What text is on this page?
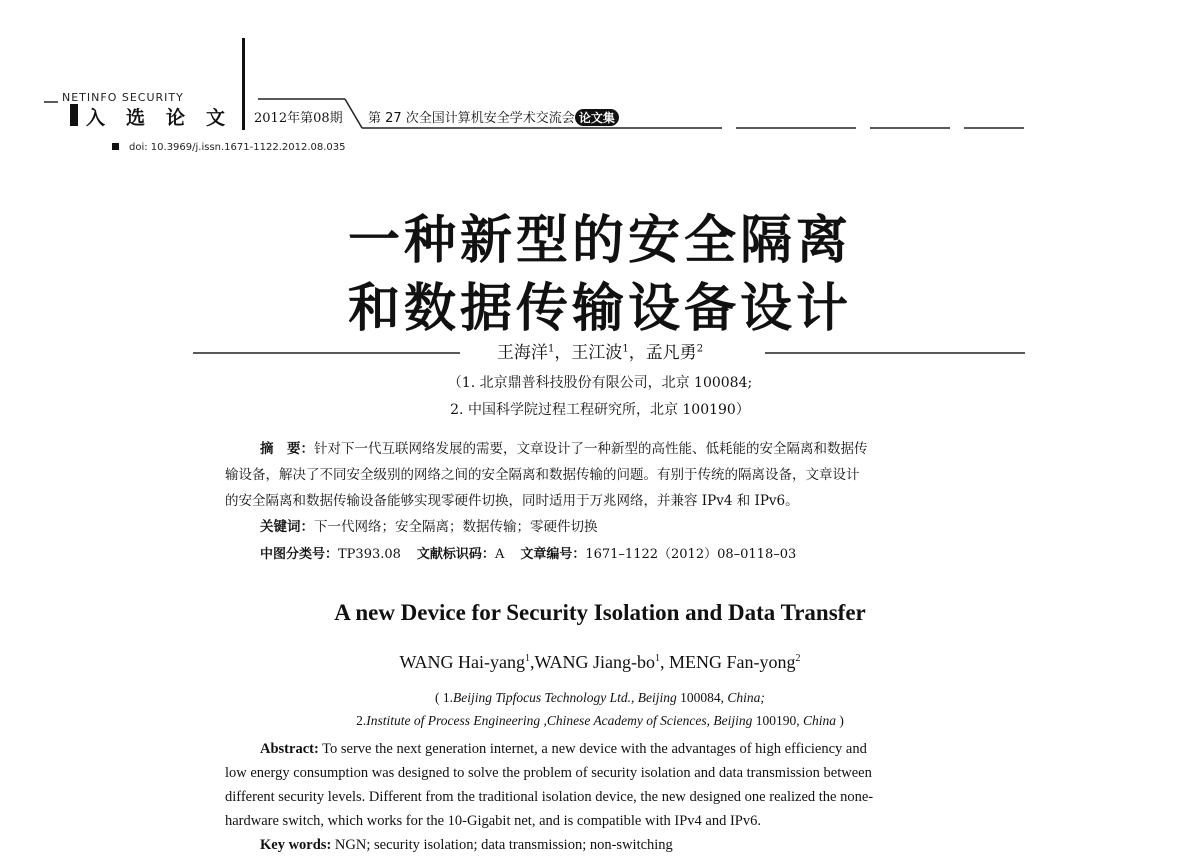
NETINFO SECURITY
入选论文 2012年第08期 第 27 次全国计算机安全学术交流会 论文集
doi: 10.3969/j.issn.1671-1122.2012.08.035
一种新型的安全隔离
和数据传输设备设计
王海洋$^1$，王江波$^1$，孟凡勇$^2$
（1. 北京鼎普科技股份有限公司，北京 100084;
2. 中国科学院过程工程研究所，北京 100190）
摘　要：针对下一代互联网络发展的需要，文章设计了一种新型的高性能、低耗能的安全隔离和数据传
输设备，解决了不同安全级别的网络之间的安全隔离和数据传输的问题。有别于传统的隔离设备，文章设计
的安全隔离和数据传输设备能够实现零硬件切换，同时适用于万兆网络，并兼容 IPv4 和 IPv6。
关键词：下一代网络；安全隔离；数据传输；零硬件切换
中图分类号：TP393.08 文献标识码：A 文章编号：1671–1122（2012）08–0118–03
A new Device for Security Isolation and Data Transfer
WANG Hai-yang$^1$,WANG Jiang-$bo^1$, MENG Fan-yong$^2$
( 1.Beijing Tipfocus Technology Ltd., Beijing 100084, China;
2.Institute of Process Engineering ,Chinese Academy of Sciences, Beijing 100190, China )
Abstract: To serve the next generation internet, a new device with the advantages of high efficiency and
low energy consumption was designed to solve the problem of security isolation and data transmission between
different security levels. Different from the traditional isolation device, the new designed one realized the none-
hardware switch, which works for the 10-Gigabit net, and is compatible with IPv4 and IPv6.
Key words: NGN; security isolation; data transmission; non-switching
